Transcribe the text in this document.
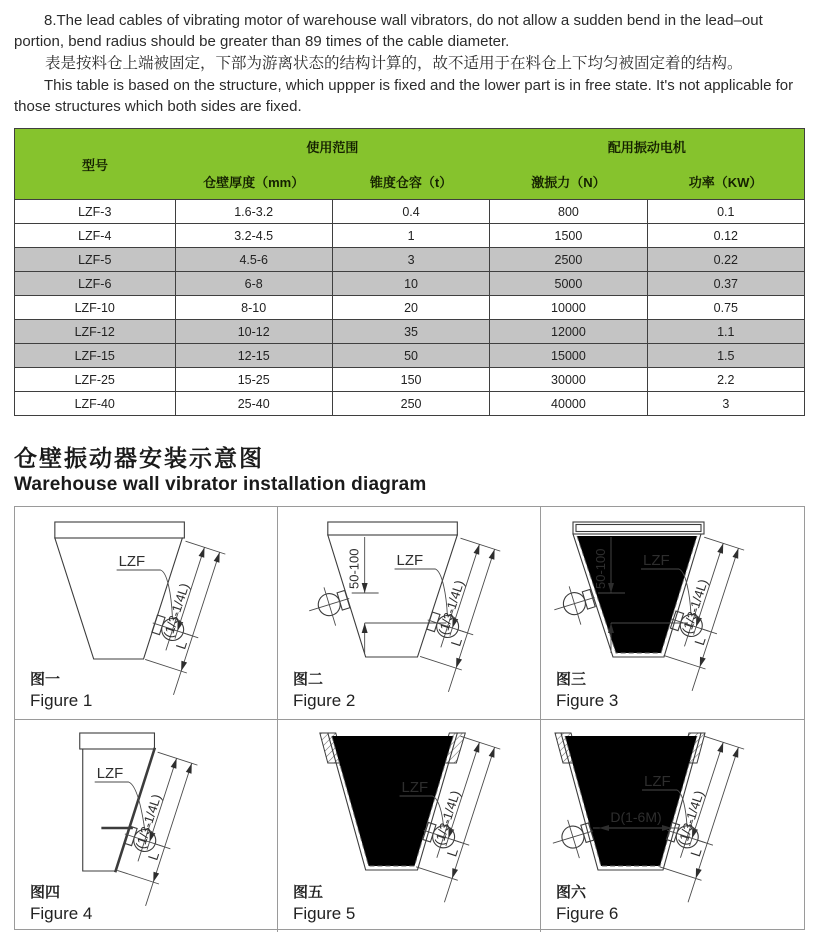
8.The lead cables of vibrating motor of warehouse wall vibrators, do not allow a sudden bend in the lead–out portion, bend radius should be greater than 89 times of the cable diameter.

表是按料仓上端被固定，下部为游离状态的结构计算的，故不适用于在料仓上下均匀被固定着的结构。

This table is based on the structure, which uppper is fixed and the lower part is in free state. It's not applicable for those structures which both sides are fixed.

型号	使用范围		配用振动电机	
	仓壁厚度（mm）	锥度仓容（t）	激振力（N）	功率（KW）
LZF-3	1.6-3.2	0.4	800	0.1
LZF-4	3.2-4.5	1	1500	0.12
LZF-5	4.5-6	3	2500	0.22
LZF-6	6-8	10	5000	0.37
LZF-10	8-10	20	10000	0.75
LZF-12	10-12	35	12000	1.1
LZF-15	12-15	50	15000	1.5
LZF-25	15-25	150	30000	2.2
LZF-40	25-40	250	40000	3
仓壁振动器安装示意图
Warehouse wall vibrator installation diagram
LZF
(1/3-1/4L)
L
图一
Figure 1
50-100 LZF
(1/3-1/4L)
L
图二
Figure 2
50-100 LZF
(1/3-1/4L)
L
图三
Figure 3
LZF
(1/3-1/4L)
L
图四
Figure 4
LZF
(1/3-1/4L)
L
图五
Figure 5
D(1-6M)
LZF
(1/3-1/4L)
L
图六
Figure 6
